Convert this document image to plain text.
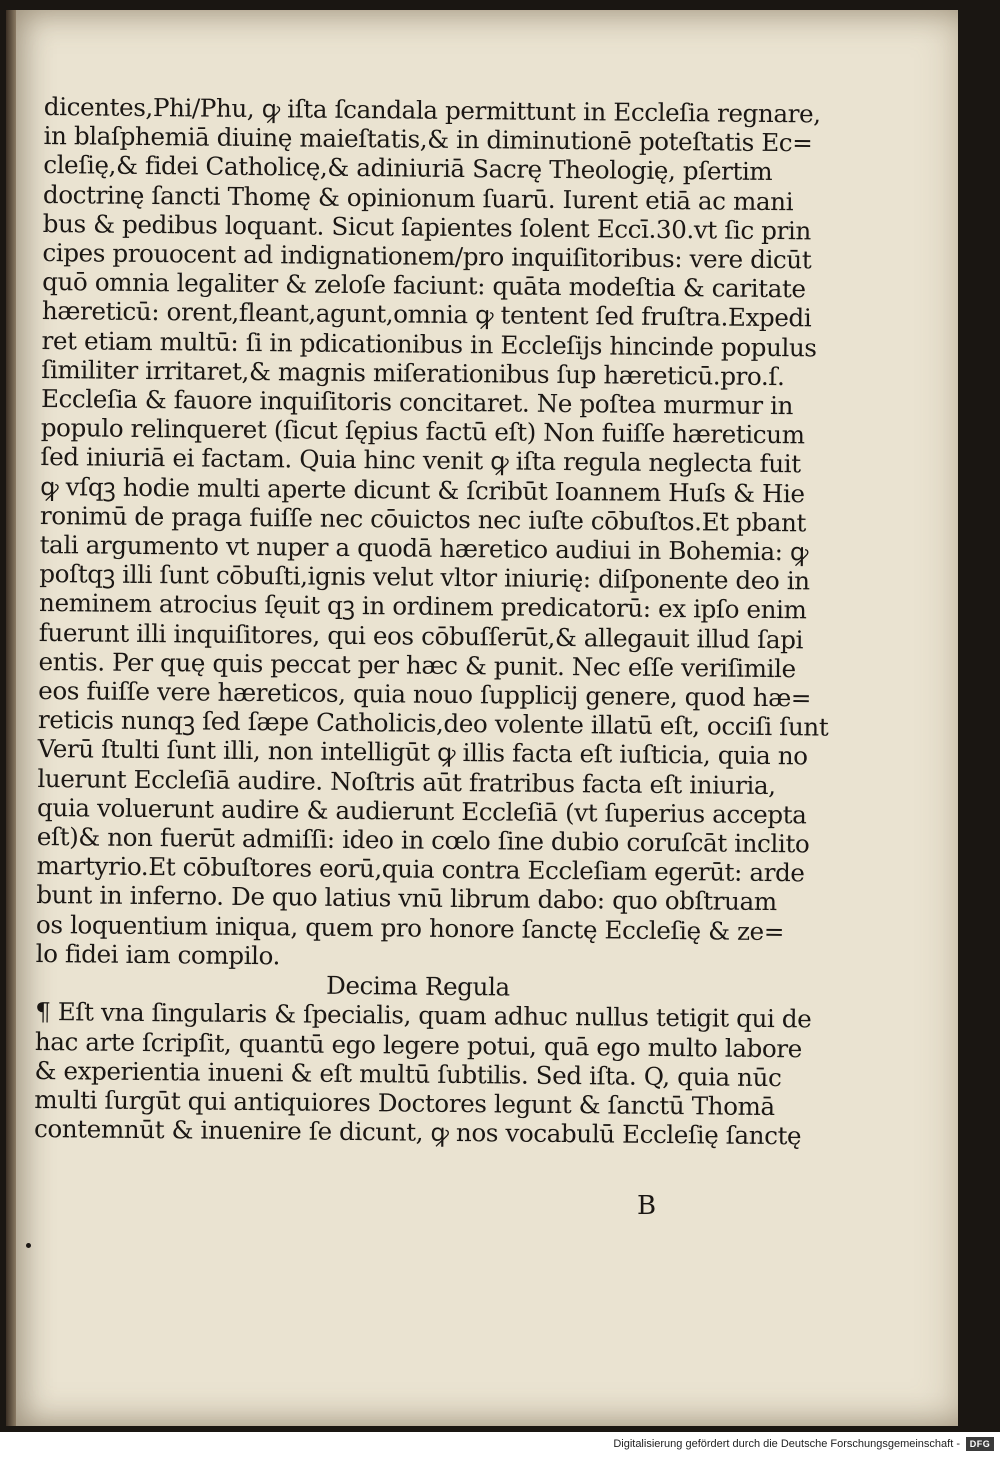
dicentes,Phi/Phu, ꝙ iſta ſcandala permittunt in Eccleſia regnare,
in blaſphemiā diuinę maieſtatis,& in diminutionē poteſtatis Ec=
cleſię,& fidei Catholicę,& adiniuriā Sacrę Theologię, pſertim
doctrinę ſancti Thomę & opinionum ſuarū. Iurent etiā ac mani
bus & pedibus loquant. Sicut ſapientes ſolent Eccī.30.vt ſic prin
cipes prouocent ad indignationem/pro inquiſitoribus: vere dicūt
quō omnia legaliter & zeloſe faciunt: quāta modeſtia & caritate
hæreticū: orent,fleant,agunt,omnia ꝙ tentent ſed fruſtra.Expedi
ret etiam multū: ſi in pdicationibus in Eccleſijs hincinde populus
ſimiliter irritaret,& magnis miſerationibus ſup hæreticū.pro.ſ.
Eccleſia & fauore inquiſitoris concitaret. Ne poſtea murmur in
populo relinqueret (ſicut ſępius factū eſt) Non fuiſſe hæreticum
ſed iniuriā ei factam. Quia hinc venit ꝙ iſta regula neglecta fuit
ꝙ vſqꝫ hodie multi aperte dicunt & ſcribūt Ioannem Huſs & Hie
ronimū de praga fuiſſe nec cōuictos nec iuſte cōbuſtos.Et pbant
tali argumento vt nuper a quodā hæretico audiui in Bohemia: ꝙ
poſtqꝫ illi ſunt cōbuſti,ignis velut vltor iniurię: diſponente deo in
neminem atrocius ſęuit qꝫ in ordinem predicatorū: ex ipſo enim
fuerunt illi inquiſitores, qui eos cōbuſſerūt,& allegauit illud ſapi
entis. Per quę quis peccat per hæc & punit. Nec eſſe veriſimile
eos fuiſſe vere hæreticos, quia nouo ſupplicij genere, quod hæ=
reticis nunqꝫ ſed ſæpe Catholicis,deo volente illatū eſt, occiſi ſunt
Verū ſtulti ſunt illi, non intelligūt ꝙ illis facta eſt iuſticia, quia no
luerunt Eccleſiā audire. Noſtris aūt fratribus facta eſt iniuria,
quia voluerunt audire & audierunt Eccleſiā (vt ſuperius accepta
eſt)& non fuerūt admiſſi: ideo in cœlo ſine dubio coruſcāt inclito
martyrio.Et cōbuſtores eorū,quia contra Eccleſiam egerūt: arde
bunt in inferno. De quo latius vnū librum dabo: quo obſtruam
os loquentium iniqua, quem pro honore ſanctę Eccleſię & ze=
lo fidei iam compilo.
Decima Regula
¶ Eſt vna ſingularis & ſpecialis, quam adhuc nullus tetigit qui de
hac arte ſcripſit, quantū ego legere potui, quā ego multo labore
& experientia inueni & eſt multū ſubtilis. Sed iſta. Q, quia nūc
multi ſurgūt qui antiquiores Doctores legunt & ſanctū Thomā
contemnūt & inuenire ſe dicunt, ꝙ nos vocabulū Eccleſię ſanctę
B
Digitalisierung gefördert durch die Deutsche Forschungsgemeinschaft -	DFG
